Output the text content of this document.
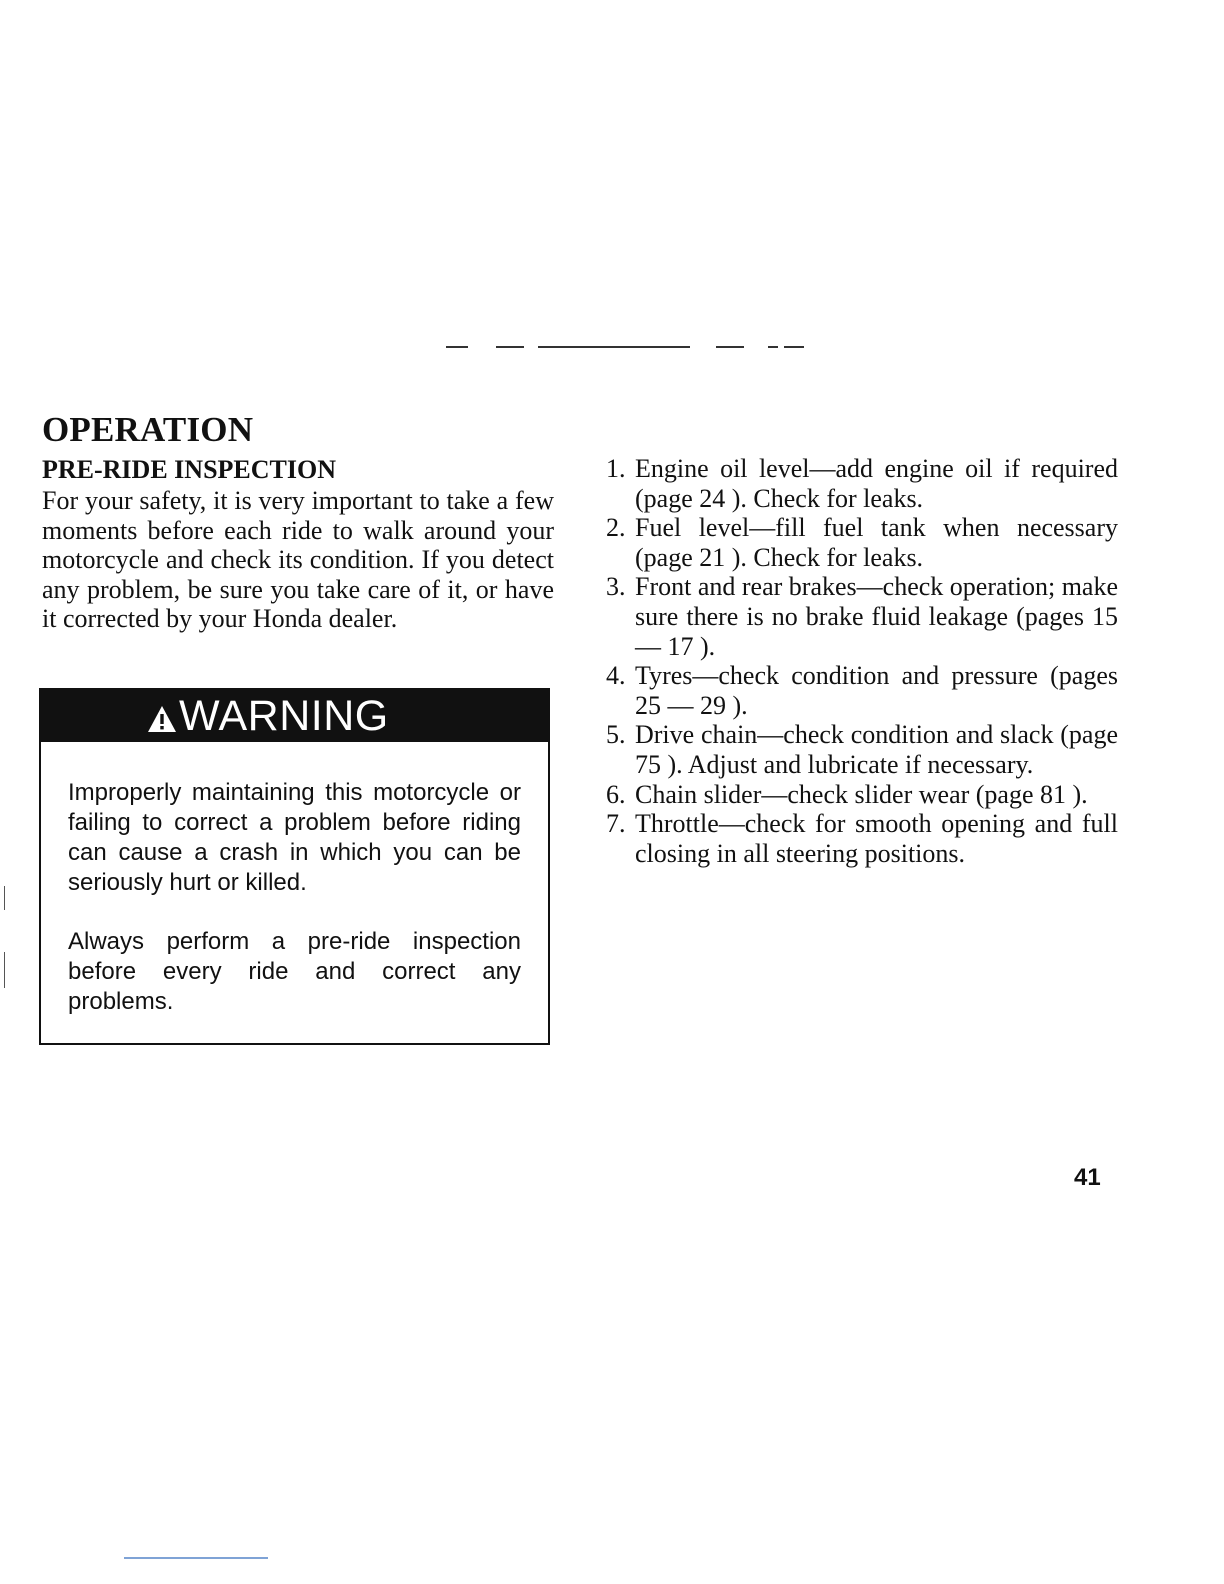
OPERATION
PRE-RIDE INSPECTION

For your safety, it is very important to take a few moments before each ride to walk around your motorcycle and check its condition. If you detect any problem, be sure you take care of it, or have it corrected by your Honda dealer.

WARNING

Improperly maintaining this motorcycle or failing to correct a problem before riding can cause a crash in which you can be seriously hurt or killed.

Always perform a pre-ride inspection before every ride and correct any problems.

1. Engine oil level—add engine oil if required (page 24 ). Check for leaks.
2. Fuel level—fill fuel tank when necessary (page 21 ). Check for leaks.
3. Front and rear brakes—check operation; make sure there is no brake fluid leakage (pages 15 — 17 ).
4. Tyres—check condition and pressure (pages 25 — 29 ).
5. Drive chain—check condition and slack (page 75 ). Adjust and lubricate if necessary.
6. Chain slider—check slider wear (page 81 ).
7. Throttle—check for smooth opening and full closing in all steering positions.
41
